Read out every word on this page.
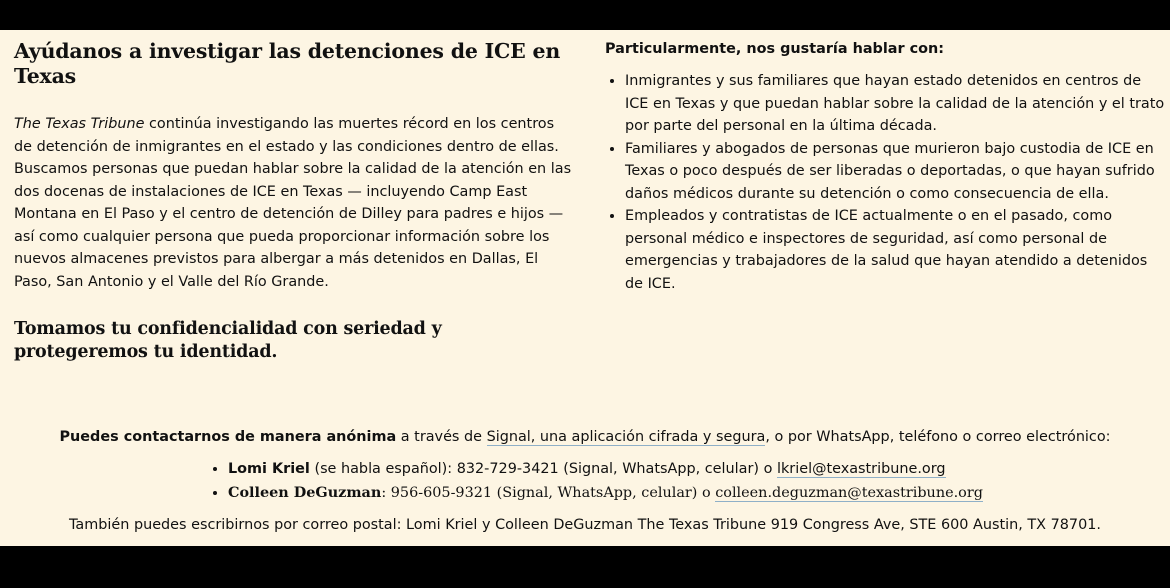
Ayúdanos a investigar las detenciones de ICE en Texas

The Texas Tribune continúa investigando las muertes récord en los centros de detención de inmigrantes en el estado y las condiciones dentro de ellas. Buscamos personas que puedan hablar sobre la calidad de la atención en las dos docenas de instalaciones de ICE en Texas — incluyendo Camp East Montana en El Paso y el centro de detención de Dilley para padres e hijos — así como cualquier persona que pueda proporcionar información sobre los nuevos almacenes previstos para albergar a más detenidos en Dallas, El Paso, San Antonio y el Valle del Río Grande.

Tomamos tu confidencialidad con seriedad y protegeremos tu identidad.
Particularmente, nos gustaría hablar con:
• Inmigrantes y sus familiares que hayan estado detenidos en centros de ICE en Texas y que puedan hablar sobre la calidad de la atención y el trato por parte del personal en la última década.
• Familiares y abogados de personas que murieron bajo custodia de ICE en Texas o poco después de ser liberadas o deportadas, o que hayan sufrido daños médicos durante su detención o como consecuencia de ella.
• Empleados y contratistas de ICE actualmente o en el pasado, como personal médico e inspectores de seguridad, así como personal de emergencias y trabajadores de la salud que hayan atendido a detenidos de ICE.
Puedes contactarnos de manera anónima a través de Signal, una aplicación cifrada y segura, o por WhatsApp, teléfono o correo electrónico:
• Lomi Kriel (se habla español): 832-729-3421 (Signal, WhatsApp, celular) o lkriel@texastribune.org
• Colleen DeGuzman: 956-605-9321 (Signal, WhatsApp, celular) o colleen.deguzman@texastribune.org
También puedes escribirnos por correo postal: Lomi Kriel y Colleen DeGuzman The Texas Tribune 919 Congress Ave, STE 600 Austin, TX 78701.
